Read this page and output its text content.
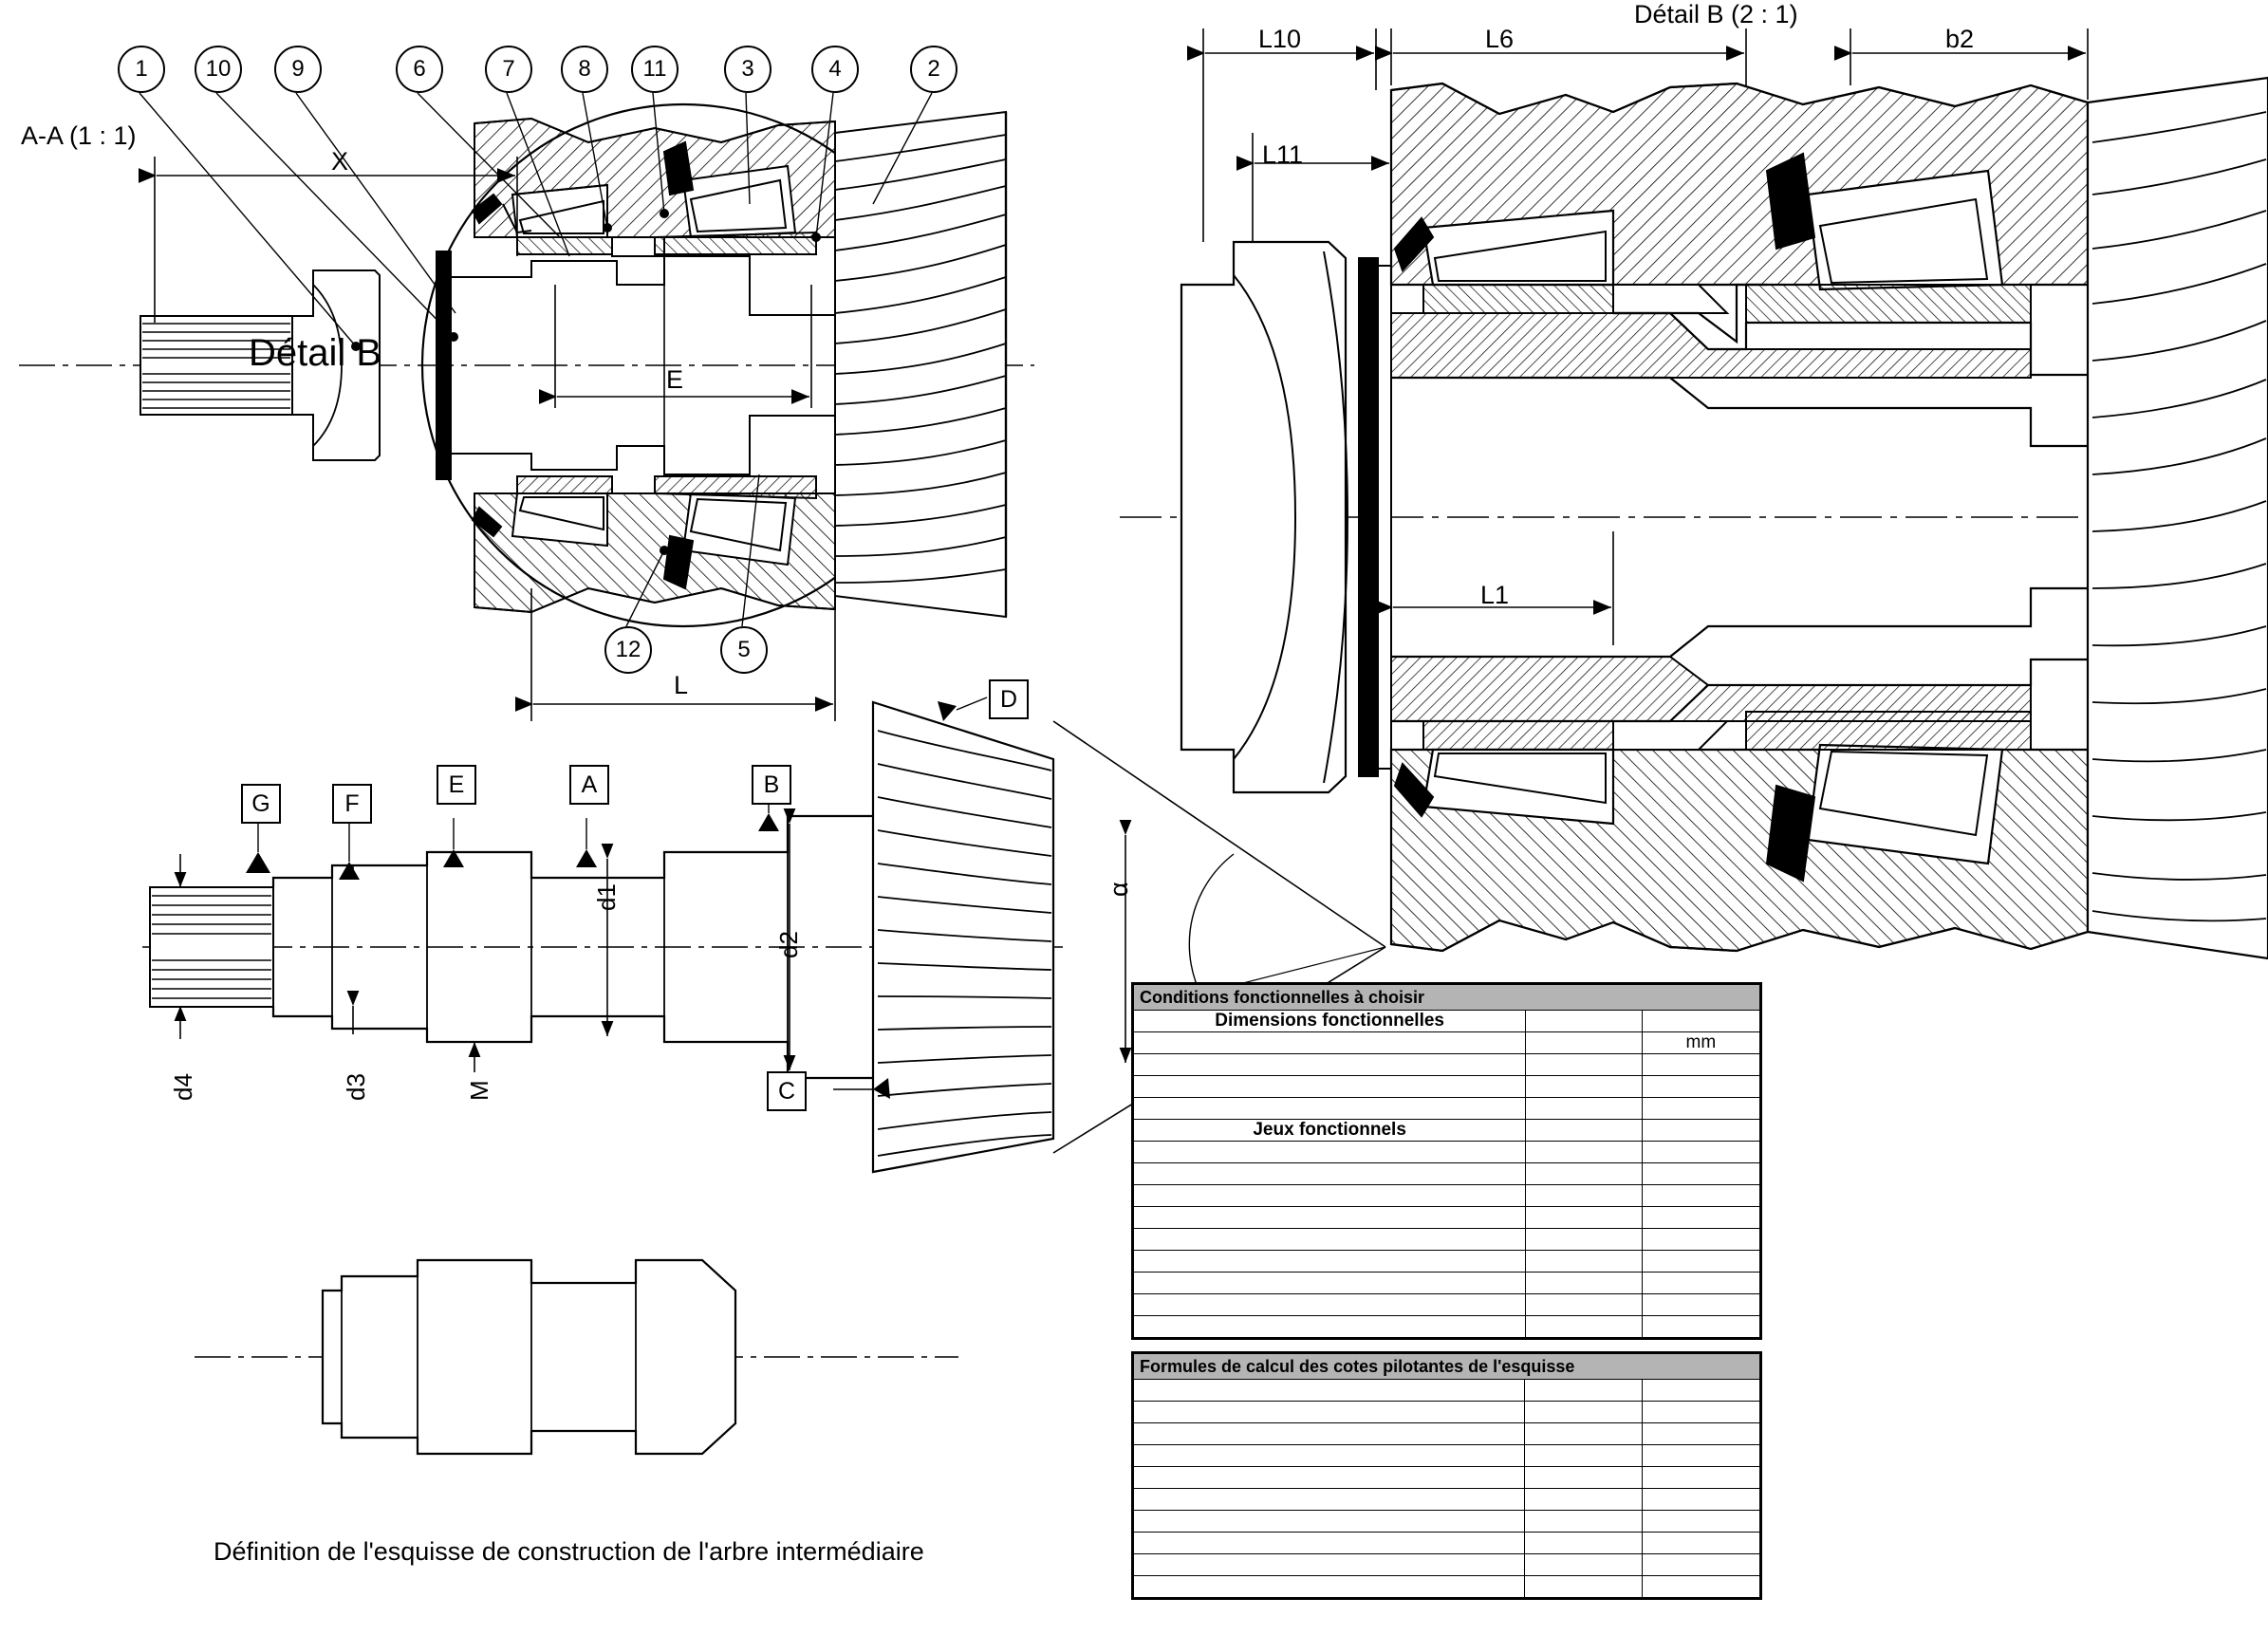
1	10	9	6	7	8	11	3	4	2
12	5
A-A (1 : 1)
Détail B
Détail B (2 : 1)
X
E
L
L10	L6	b2
L11
L1
G	F
E	A	B
D
C
d1
d2
d3
d4	M
α
Définition de l'esquisse de construction de l'arbre intermédiaire
Conditions fonctionnelles à choisir		
Dimensions fonctionnelles		
		mm

Jeux fonctionnels		

Formules de calcul des cotes pilotantes de l'esquisse		
